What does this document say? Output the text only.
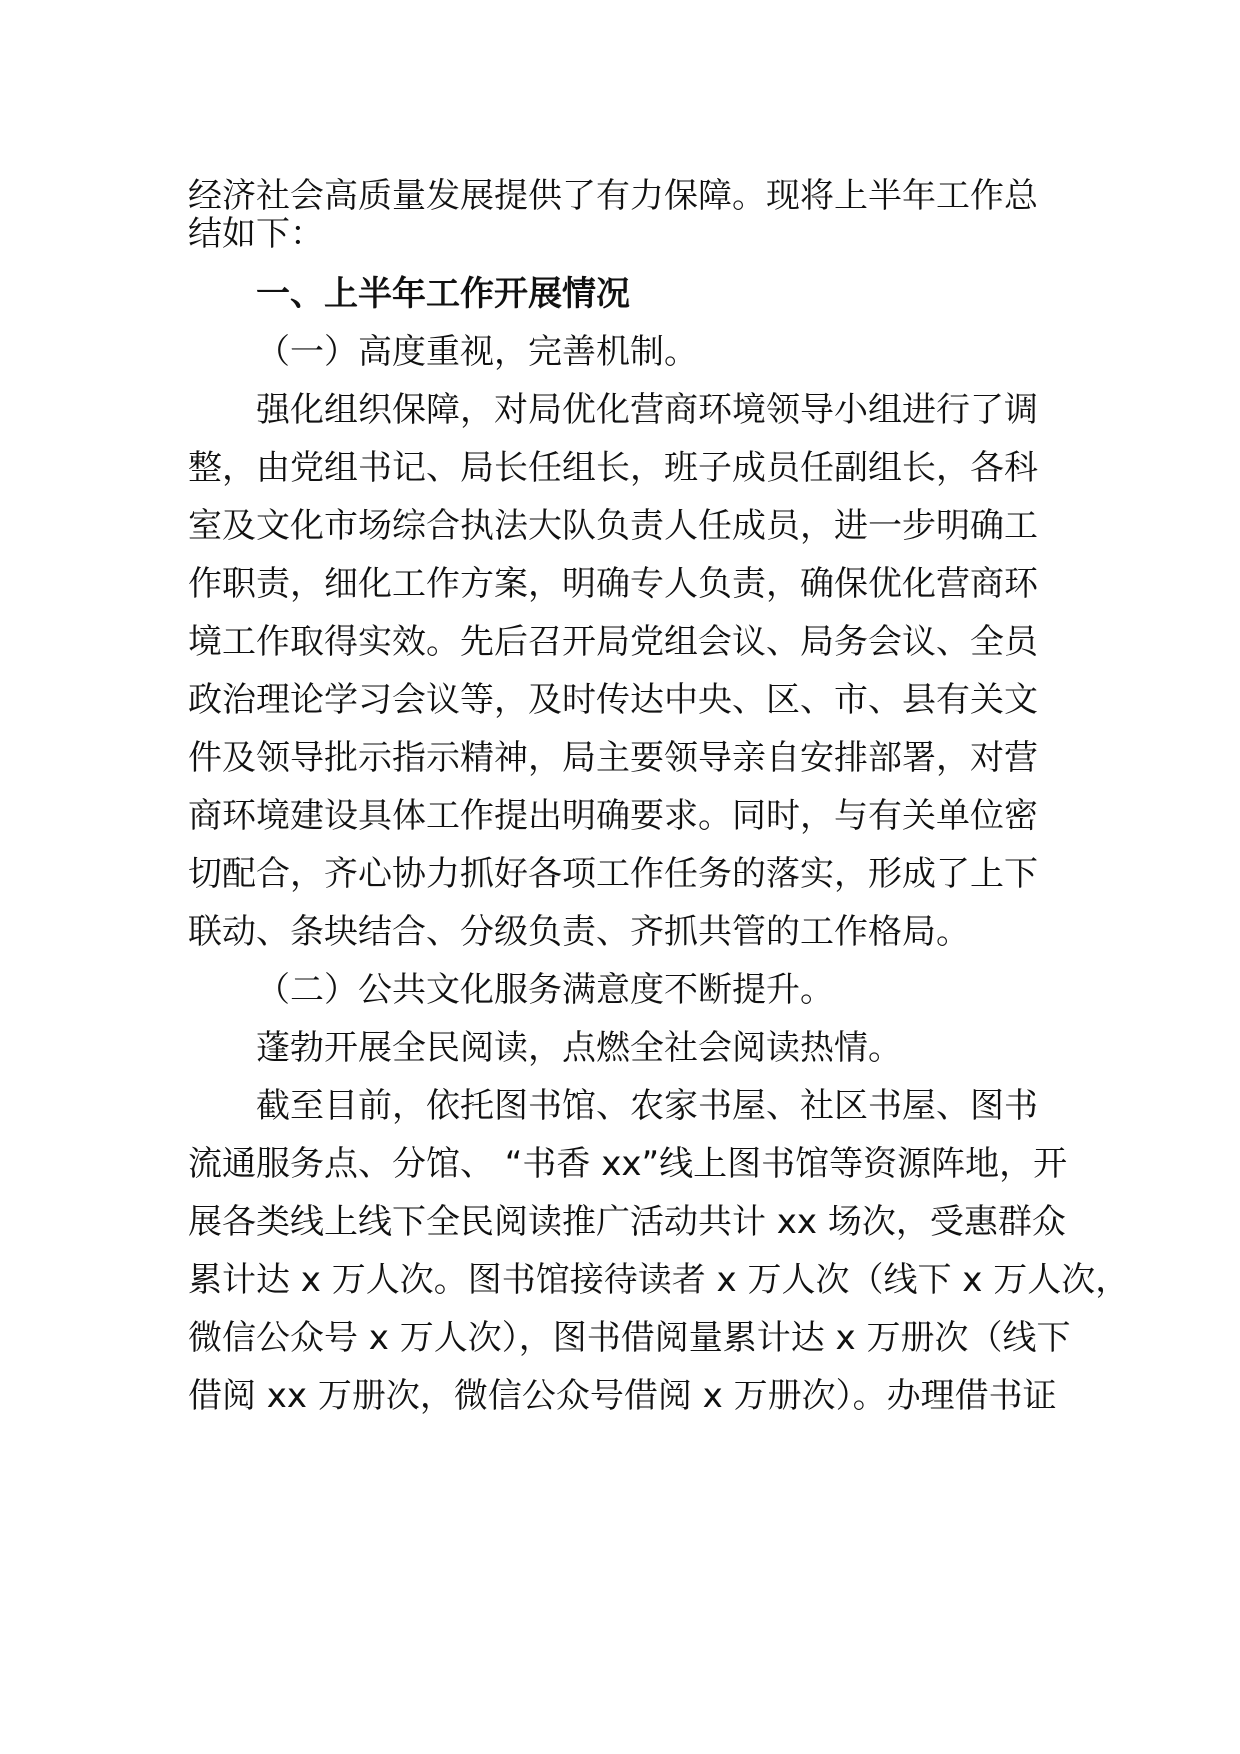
经济社会高质量发展提供了有力保障。现将上半年工作总
结如下：
一、上半年工作开展情况
（一）高度重视，完善机制。
强化组织保障，对局优化营商环境领导小组进行了调
整，由党组书记、局长任组长，班子成员任副组长，各科
室及文化市场综合执法大队负责人任成员，进一步明确工
作职责，细化工作方案，明确专人负责，确保优化营商环
境工作取得实效。先后召开局党组会议、局务会议、全员
政治理论学习会议等，及时传达中央、区、市、县有关文
件及领导批示指示精神，局主要领导亲自安排部署，对营
商环境建设具体工作提出明确要求。同时，与有关单位密
切配合，齐心协力抓好各项工作任务的落实，形成了上下
联动、条块结合、分级负责、齐抓共管的工作格局。
（二）公共文化服务满意度不断提升。
蓬勃开展全民阅读，点燃全社会阅读热情。
截至目前，依托图书馆、农家书屋、社区书屋、图书
流通服务点、分馆、 “书香 xx”线上图书馆等资源阵地，开
展各类线上线下全民阅读推广活动共计 xx 场次，受惠群众
累计达 x 万人次。图书馆接待读者 x 万人次（线下 x 万人次，
微信公众号 x 万人次），图书借阅量累计达 x 万册次（线下
借阅 xx 万册次，微信公众号借阅 x 万册次）。办理借书证
